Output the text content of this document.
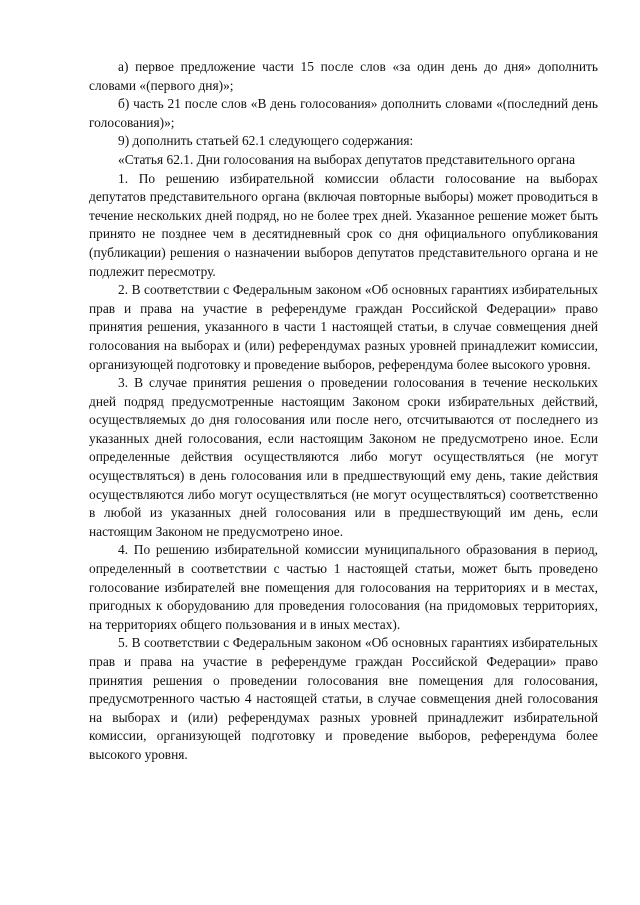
а) первое предложение части 15 после слов «за один день до дня» дополнить словами «(первого дня)»;

б) часть 21 после слов «В день голосования» дополнить словами «(последний день голосования)»;

9) дополнить статьей 62.1 следующего содержания:

«Статья 62.1. Дни голосования на выборах депутатов представительного органа

1. По решению избирательной комиссии области голосование на выборах депутатов представительного органа (включая повторные выборы) может проводиться в течение нескольких дней подряд, но не более трех дней. Указанное решение может быть принято не позднее чем в десятидневный срок со дня официального опубликования (публикации) решения о назначении выборов депутатов представительного органа и не подлежит пересмотру.

2. В соответствии с Федеральным законом «Об основных гарантиях избирательных прав и права на участие в референдуме граждан Российской Федерации» право принятия решения, указанного в части 1 настоящей статьи, в случае совмещения дней голосования на выборах и (или) референдумах разных уровней принадлежит комиссии, организующей подготовку и проведение выборов, референдума более высокого уровня.

3. В случае принятия решения о проведении голосования в течение нескольких дней подряд предусмотренные настоящим Законом сроки избирательных действий, осуществляемых до дня голосования или после него, отсчитываются от последнего из указанных дней голосования, если настоящим Законом не предусмотрено иное. Если определенные действия осуществляются либо могут осуществляться (не могут осуществляться) в день голосования или в предшествующий ему день, такие действия осуществляются либо могут осуществляться (не могут осуществляться) соответственно в любой из указанных дней голосования или в предшествующий им день, если настоящим Законом не предусмотрено иное.

4. По решению избирательной комиссии муниципального образования в период, определенный в соответствии с частью 1 настоящей статьи, может быть проведено голосование избирателей вне помещения для голосования на территориях и в местах, пригодных к оборудованию для проведения голосования (на придомовых территориях, на территориях общего пользования и в иных местах).

5. В соответствии с Федеральным законом «Об основных гарантиях избирательных прав и права на участие в референдуме граждан Российской Федерации» право принятия решения о проведении голосования вне помещения для голосования, предусмотренного частью 4 настоящей статьи, в случае совмещения дней голосования на выборах и (или) референдумах разных уровней принадлежит избирательной комиссии, организующей подготовку и проведение выборов, референдума более высокого уровня.
